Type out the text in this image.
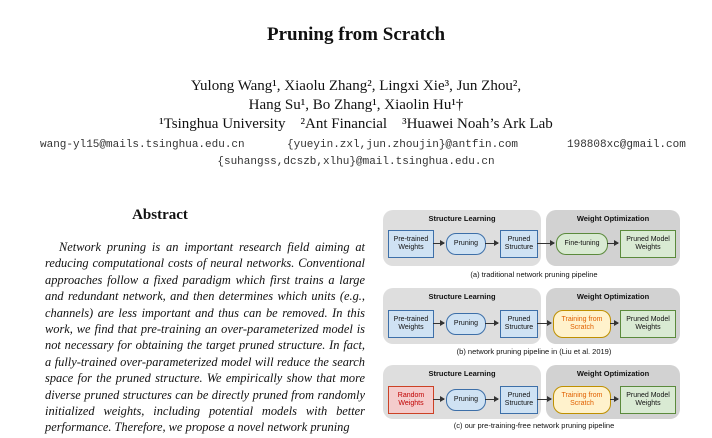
Pruning from Scratch
Yulong Wang¹, Xiaolu Zhang², Lingxi Xie³, Jun Zhou²,
Hang Su¹, Bo Zhang¹, Xiaolin Hu¹†
¹Tsinghua University    ²Ant Financial    ³Huawei Noah’s Ark Lab
wang-yl15@mails.tsinghua.edu.cn	{yueyin.zxl,jun.zhoujin}@antfin.com	198808xc@gmail.com
{suhangss,dcszb,xlhu}@mail.tsinghua.edu.cn
Abstract

Network pruning is an important research field aiming at reducing computational costs of neural networks. Conventional approaches follow a fixed paradigm which first trains a large and redundant network, and then determines which units (e.g., channels) are less important and thus can be removed. In this work, we find that pre-training an over-parameterized model is not necessary for obtaining the target pruned structure. In fact, a fully-trained over-parameterized model will reduce the search space for the pruned structure. We empirically show that more diverse pruned structures can be directly pruned from randomly initialized weights, including potential models with better performance. Therefore, we propose a novel network pruning

Structure Learning	Weight Optimization
Pre-trained Weights
Pruning
Pruned Structure
Fine-tuning
Pruned Model Weights
(a) traditional network pruning pipeline
Structure Learning	Weight Optimization
Pre-trained Weights
Pruning
Pruned Structure
Training from Scratch
Pruned Model Weights
(b) network pruning pipeline in (Liu et al. 2019)
Structure Learning	Weight Optimization
Random Weights
Pruning
Pruned Structure
Training from Scratch
Pruned Model Weights
(c) our pre-training-free network pruning pipeline
